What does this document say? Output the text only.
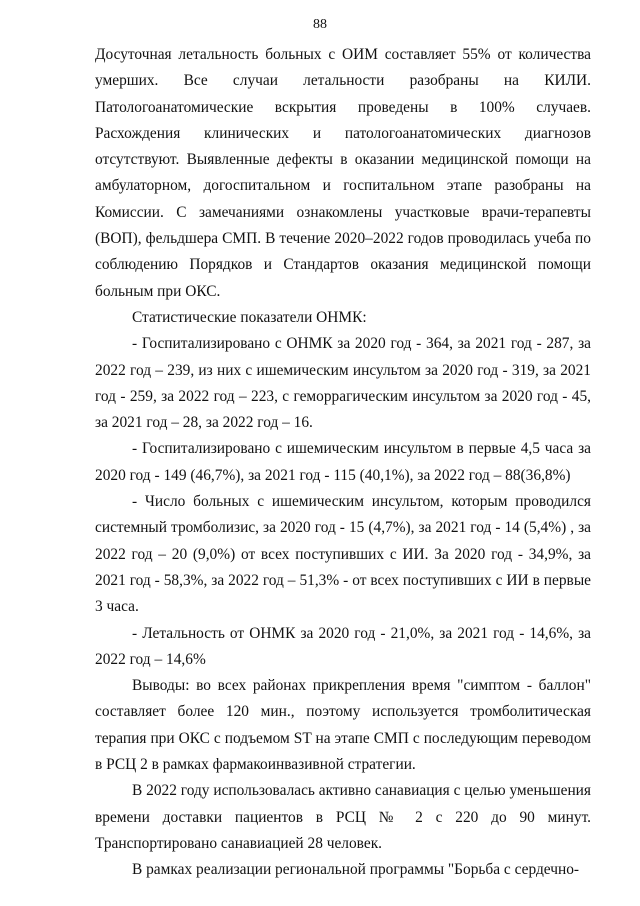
88

Досуточная летальность больных с ОИМ составляет 55% от количества умерших. Все случаи летальности разобраны на КИЛИ. Патологоанатомические вскрытия проведены в 100% случаев. Расхождения клинических и патологоанатомических диагнозов отсутствуют. Выявленные дефекты в оказании медицинской помощи на амбулаторном, догоспитальном и госпитальном этапе разобраны на Комиссии. С замечаниями ознакомлены участковые врачи-терапевты (ВОП), фельдшера СМП. В течение 2020–2022 годов проводилась учеба по соблюдению Порядков и Стандартов оказания медицинской помощи больным при ОКС.

Статистические показатели ОНМК:

- Госпитализировано с ОНМК за 2020 год - 364, за 2021 год - 287, за 2022 год – 239, из них с ишемическим инсультом за 2020 год - 319, за 2021 год - 259, за 2022 год – 223, с геморрагическим инсультом за 2020 год - 45, за 2021 год – 28, за 2022 год – 16.

- Госпитализировано с ишемическим инсультом в первые 4,5 часа за 2020 год - 149 (46,7%), за 2021 год - 115 (40,1%), за 2022 год – 88(36,8%)

- Число больных с ишемическим инсультом, которым проводился системный тромболизис, за 2020 год - 15 (4,7%), за 2021 год - 14 (5,4%) , за 2022 год – 20 (9,0%) от всех поступивших с ИИ. За 2020 год - 34,9%, за 2021 год - 58,3%, за 2022 год – 51,3% - от всех поступивших с ИИ в первые 3 часа.

- Летальность от ОНМК за 2020 год - 21,0%, за 2021 год - 14,6%, за 2022 год – 14,6%

Выводы: во всех районах прикрепления время "симптом - баллон" составляет более 120 мин., поэтому используется тромболитическая терапия при ОКС с подъемом ST на этапе СМП с последующим переводом в РСЦ 2 в рамках фармакоинвазивной стратегии.

В 2022 году использовалась активно санавиация с целью уменьшения времени доставки пациентов в РСЦ № 2 с 220 до 90 минут. Транспортировано санавиацией 28 человек.

В рамках реализации региональной программы "Борьба с сердечно-
